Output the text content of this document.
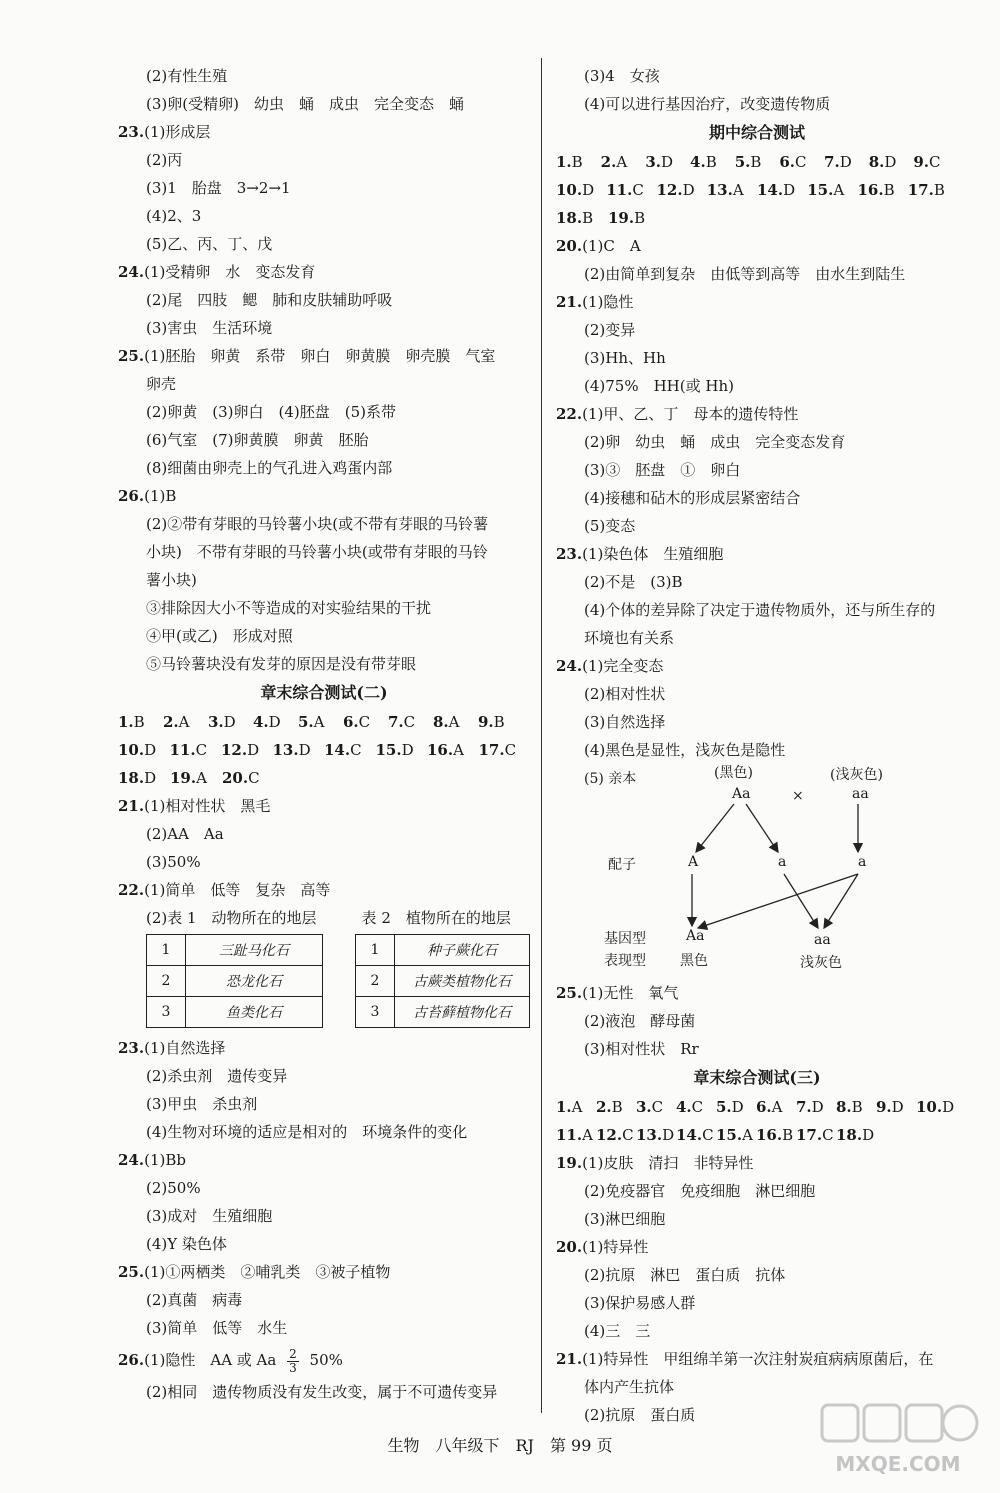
(2)有性生殖
(3)卵(受精卵)　幼虫　蛹　成虫　完全变态　蛹
23.(1)形成层
(2)丙
(3)1　胎盘　3→2→1
(4)2、3
(5)乙、丙、丁、戊
24.(1)受精卵　水　变态发育
(2)尾　四肢　鳃　肺和皮肤辅助呼吸
(3)害虫　生活环境
25.(1)胚胎　卵黄　系带　卵白　卵黄膜　卵壳膜　气室
卵壳
(2)卵黄　(3)卵白　(4)胚盘　(5)系带
(6)气室　(7)卵黄膜　卵黄　胚胎
(8)细菌由卵壳上的气孔进入鸡蛋内部
26.(1)B
(2)②带有芽眼的马铃薯小块(或不带有芽眼的马铃薯
小块)　不带有芽眼的马铃薯小块(或带有芽眼的马铃
薯小块)
③排除因大小不等造成的对实验结果的干扰
④甲(或乙)　形成对照
⑤马铃薯块没有发芽的原因是没有带芽眼
章末综合测试(二)
1.B	2.A	3.D	4.D	5.A	6.C	7.C	8.A	9.B
10.D 11.C 12.D 13.D 14.C 15.D 16.A 17.C
18.D 19.A	20.C
21.(1)相对性状　黑毛
(2)AA　Aa
(3)50%
22.(1)简单　低等　复杂　高等
(2)表 1　动物所在的地层　　　表 2　植物所在的地层
1	三趾马化石
2	恐龙化石
3	鱼类化石
1	种子蕨化石
2	古蕨类植物化石
3	古苔藓植物化石
23.(1)自然选择
(2)杀虫剂　遗传变异
(3)甲虫　杀虫剂
(4)生物对环境的适应是相对的　环境条件的变化
24.(1)Bb
(2)50%
(3)成对　生殖细胞
(4)Y 染色体
25.(1)①两栖类　②哺乳类　③被子植物
(2)真菌　病毒
(3)简单　低等　水生
26.(1)隐性　AA 或 Aa $\frac{2}{3} 50\%$
(2)相同　遗传物质没有发生改变，属于不可遗传变异
(3)4　女孩
(4)可以进行基因治疗，改变遗传物质
期中综合测试
1.B	2.A	3.D	4.B	5.B	6.C	7.D	8.D	9.C
10.D 11.C 12.D 13.A 14.D 15.A 16.B 17.B
18.B 19.B
20.(1)C　A
(2)由简单到复杂　由低等到高等　由水生到陆生
21.(1)隐性
(2)变异
(3)Hh、Hh
(4)75%　HH(或 Hh)
22.(1)甲、乙、丁　母本的遗传特性
(2)卵　幼虫　蛹　成虫　完全变态发育
(3)③　胚盘　①　卵白
(4)接穗和砧木的形成层紧密结合
(5)变态
23.(1)染色体　生殖细胞
(2)不是　(3)B
(4)个体的差异除了决定于遗传物质外，还与所生存的
环境也有关系
24.(1)完全变态
(2)相对性状
(3)自然选择
(4)黑色是显性，浅灰色是隐性
(5) 亲本	(黑色)	(浅灰色)
Aa	×	aa
配子	A	a	a
基因型	Aa	aa
表现型 黑色	浅灰色
25.(1)无性　氧气
(2)液泡　酵母菌
(3)相对性状　Rr
章末综合测试(三)
1.A 2.B 3.C 4.C 5.D 6.A 7.D 8.B 9.D 10.D
11.A 12.C 13.D 14.C 15.A 16.B 17.C 18.D
19.(1)皮肤　清扫　非特异性
(2)免疫器官　免疫细胞　淋巴细胞
(3)淋巴细胞
20.(1)特异性
(2)抗原　淋巴　蛋白质　抗体
(3)保护易感人群
(4)三　三
21.(1)特异性　甲组绵羊第一次注射炭疽病病原菌后，在
体内产生抗体
(2)抗原　蛋白质
生物　八年级下　RJ　第 99 页
MXQE.COM
